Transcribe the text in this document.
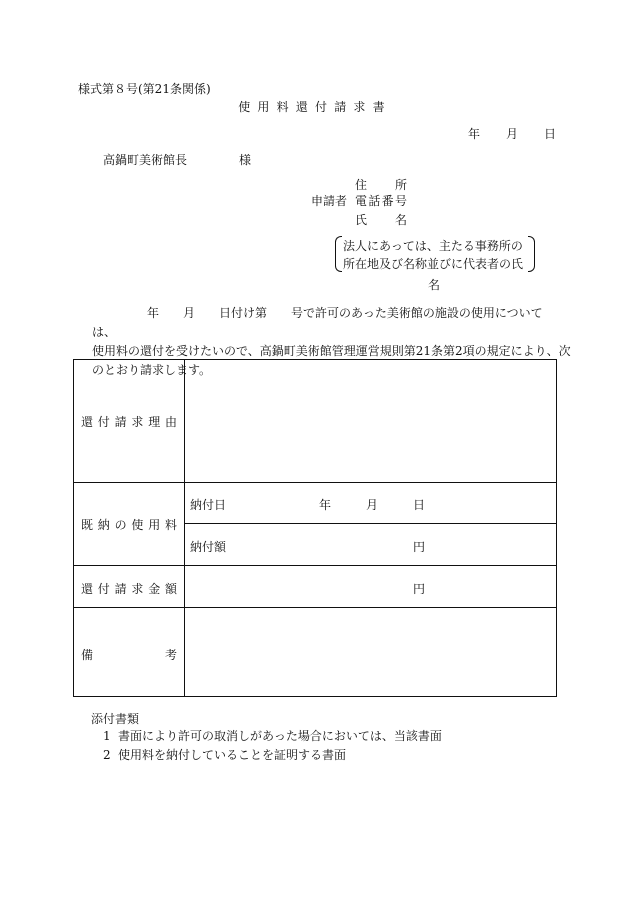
様式第８号(第21条関係)
使用料還付請求書
年 月 日
高鍋町美術館長	様
住所
申請者 電話番号
氏名
法人にあっては、主たる事務所の
所在地及び名称並びに代表者の氏
名
年　　月　　日付け第　　号で許可のあった美術館の施設の使用については、
使用料の還付を受けたいので、高鍋町美術館管理運営規則第21条第2項の規定により、次
のとおり請求します。
還付請求理由
既納の使用料
納付日	年	月	日
納付額	円
還付請求金額	円
備考
添付書類
1 書面により許可の取消しがあった場合においては、当該書面
2 使用料を納付していることを証明する書面
